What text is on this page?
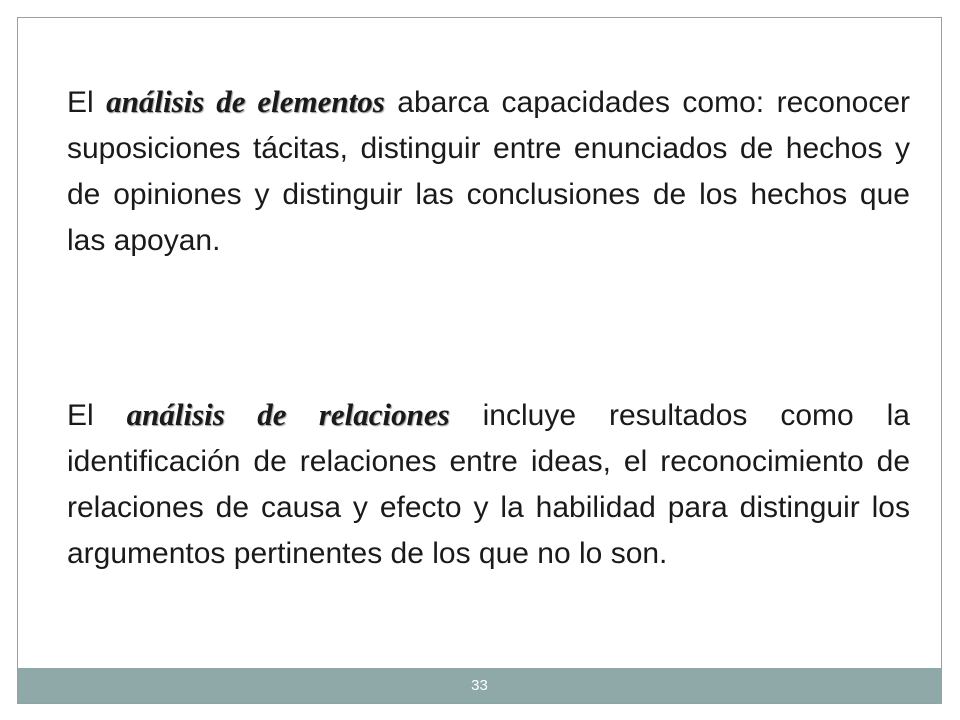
El análisis de elementos abarca capacidades como: reconocer suposiciones tácitas, distinguir entre enunciados de hechos y de opiniones y distinguir las conclusiones de los hechos que las apoyan.

El análisis de relaciones incluye resultados como la identificación de relaciones entre ideas, el reconocimiento de relaciones de causa y efecto y la habilidad para distinguir los argumentos pertinentes de los que no lo son.

33
